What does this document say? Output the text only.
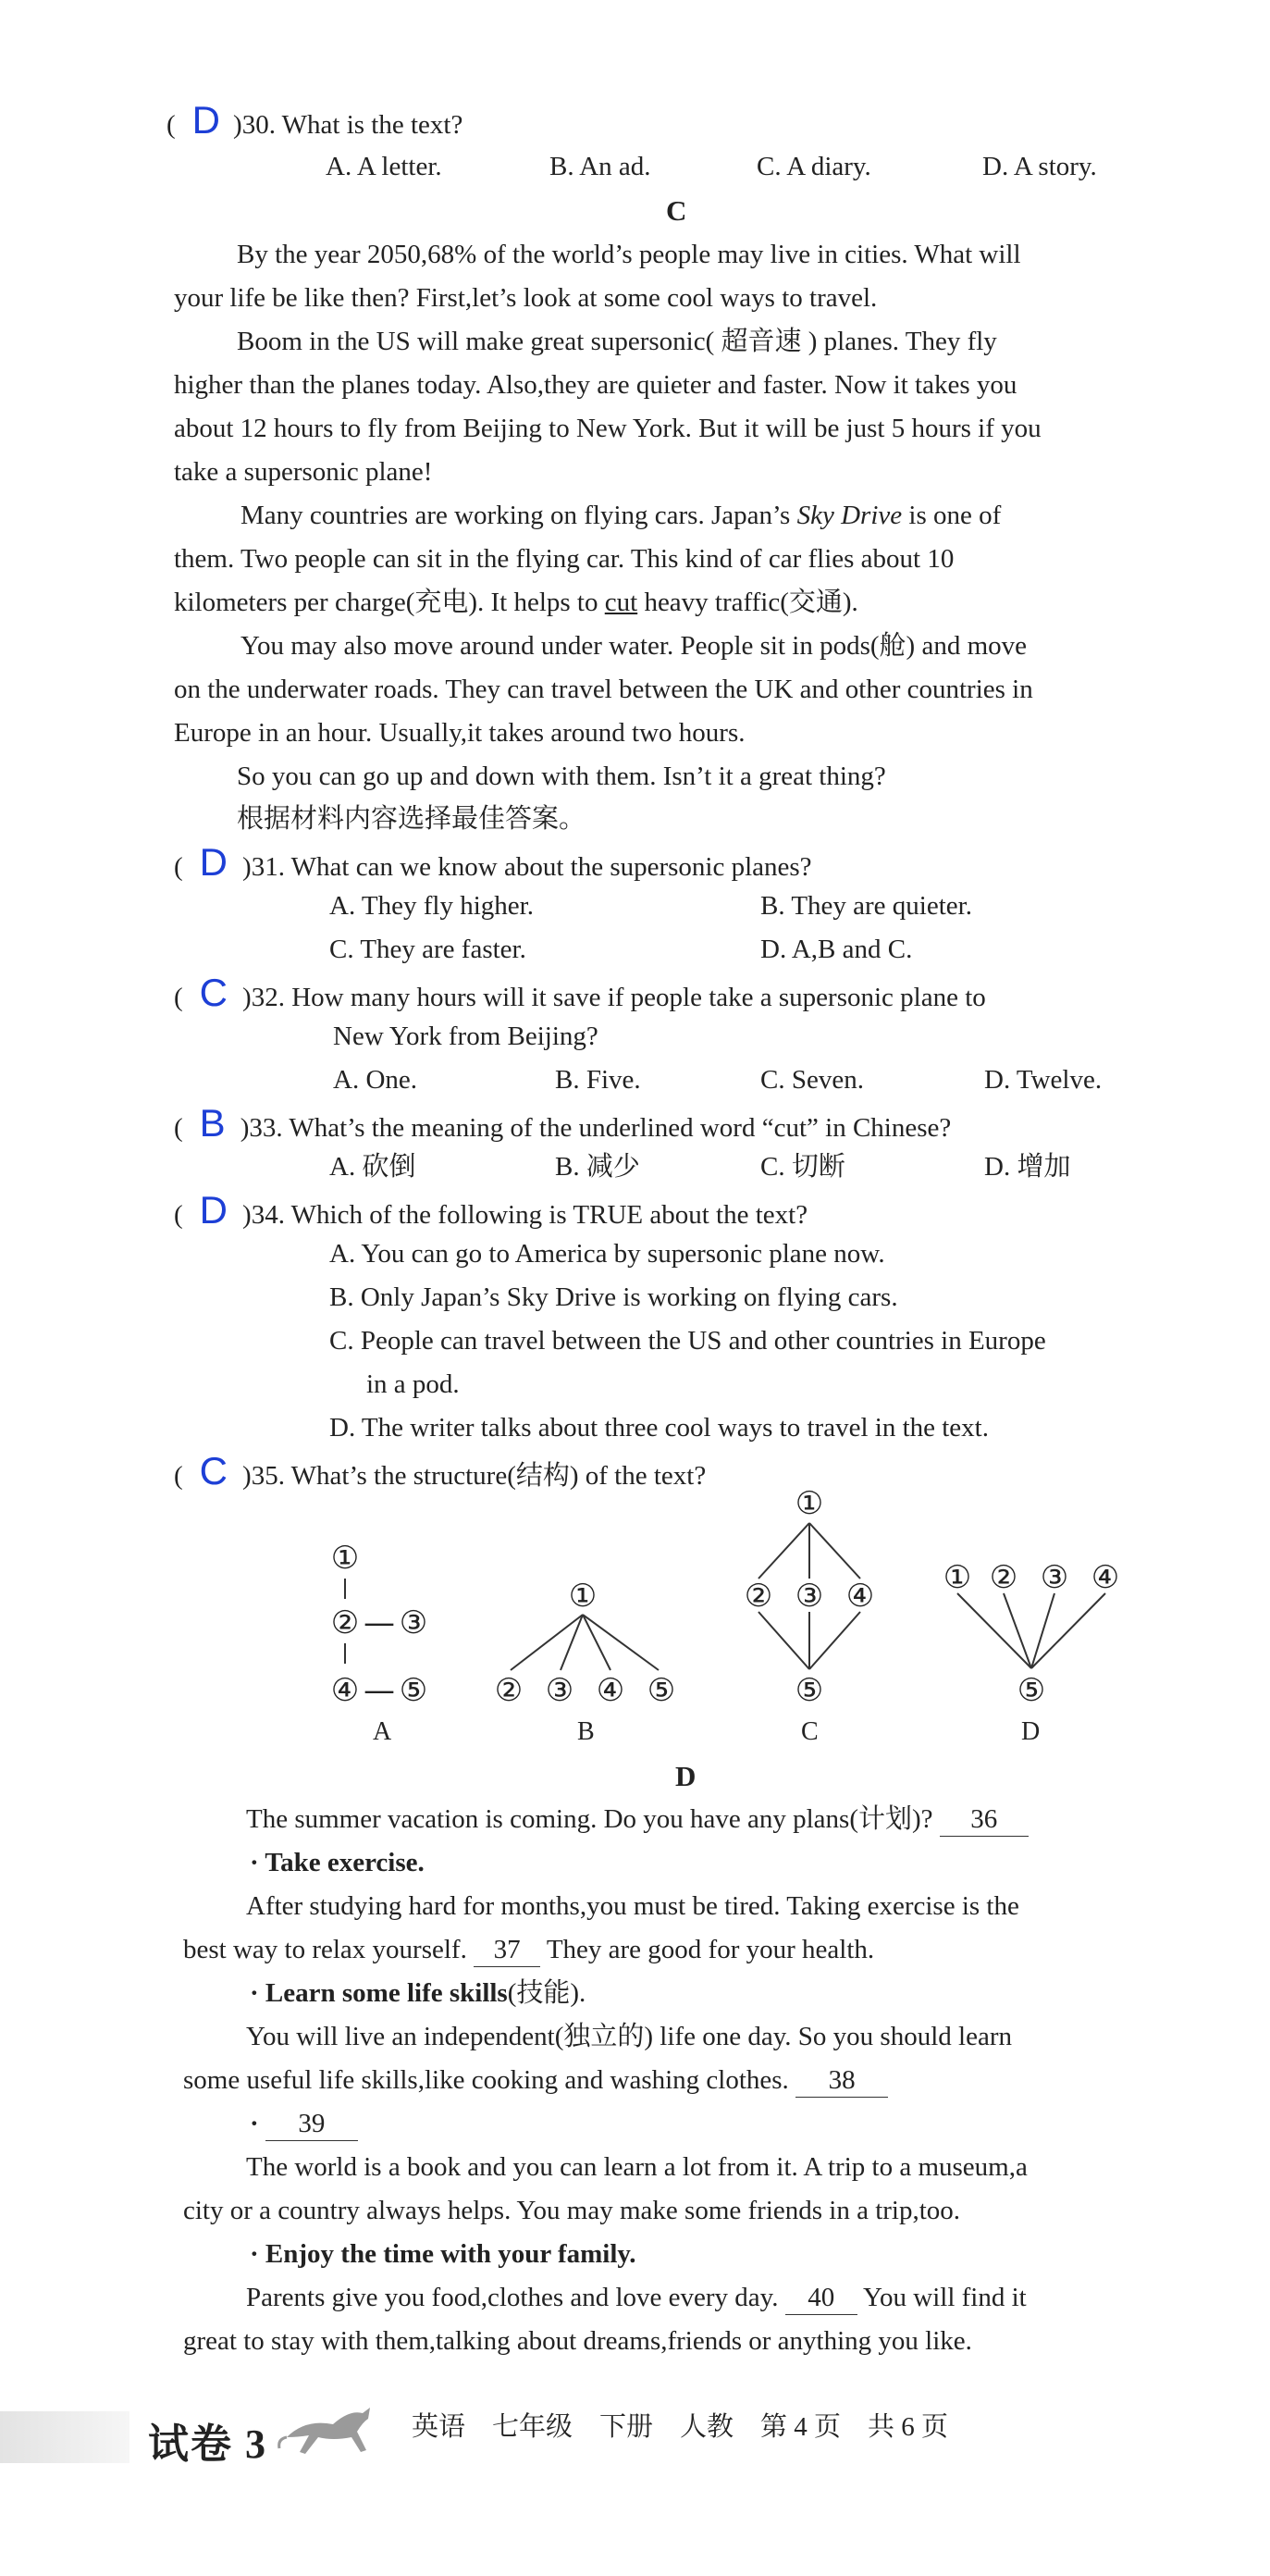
( D )30. What is the text?
A. A letter.	B. An ad.	C. A diary.	D. A story.
C
By the year 2050,68% of the world’s people may live in cities. What will
your life be like then? First,let’s look at some cool ways to travel.
Boom in the US will make great supersonic( 超音速 ) planes. They fly
higher than the planes today. Also,they are quieter and faster. Now it takes you
about 12 hours to fly from Beijing to New York. But it will be just 5 hours if you
take a supersonic plane!
Many countries are working on flying cars. Japan’s Sky Drive is one of
them. Two people can sit in the flying car. This kind of car flies about 10
kilometers per charge(充电). It helps to cut heavy traffic(交通).
You may also move around under water. People sit in pods(舱) and move
on the underwater roads. They can travel between the UK and other countries in
Europe in an hour. Usually,it takes around two hours.
So you can go up and down with them. Isn’t it a great thing?
根据材料内容选择最佳答案。
( D )31. What can we know about the supersonic planes?
A. They fly higher.	B. They are quieter.
C. They are faster.	D. A,B and C.
( C )32. How many hours will it save if people take a supersonic plane to
New York from Beijing?
A. One.	B. Five.	C. Seven.	D. Twelve.
( B )33. What’s the meaning of the underlined word “cut” in Chinese?
A. 砍倒	B. 减少	C. 切断	D. 增加
( D )34. Which of the following is TRUE about the text?
A. You can go to America by supersonic plane now.
B. Only Japan’s Sky Drive is working on flying cars.
C. People can travel between the US and other countries in Europe
in a pod.
D. The writer talks about three cool ways to travel in the text.
( C )35. What’s the structure(结构) of the text?
①
② — ③
④ — ⑤
①
② ③ ④ ⑤
①
② ③ ④
⑤
① ② ③ ④
⑤
A	B	C	D
D
The summer vacation is coming. Do you have any plans(计划)? 36
· Take exercise.
After studying hard for months,you must be tired. Taking exercise is the
best way to relax yourself. 37 They are good for your health.
· Learn some life skills(技能).
You will live an independent(独立的) life one day. So you should learn
some useful life skills,like cooking and washing clothes. 38
· 39
The world is a book and you can learn a lot from it. A trip to a museum,a
city or a country always helps. You may make some friends in a trip,too.
· Enjoy the time with your family.
Parents give you food,clothes and love every day. 40 You will find it
great to stay with them,talking about dreams,friends or anything you like.
试卷 3	英语　七年级　下册　人教　第 4 页　共 6 页
